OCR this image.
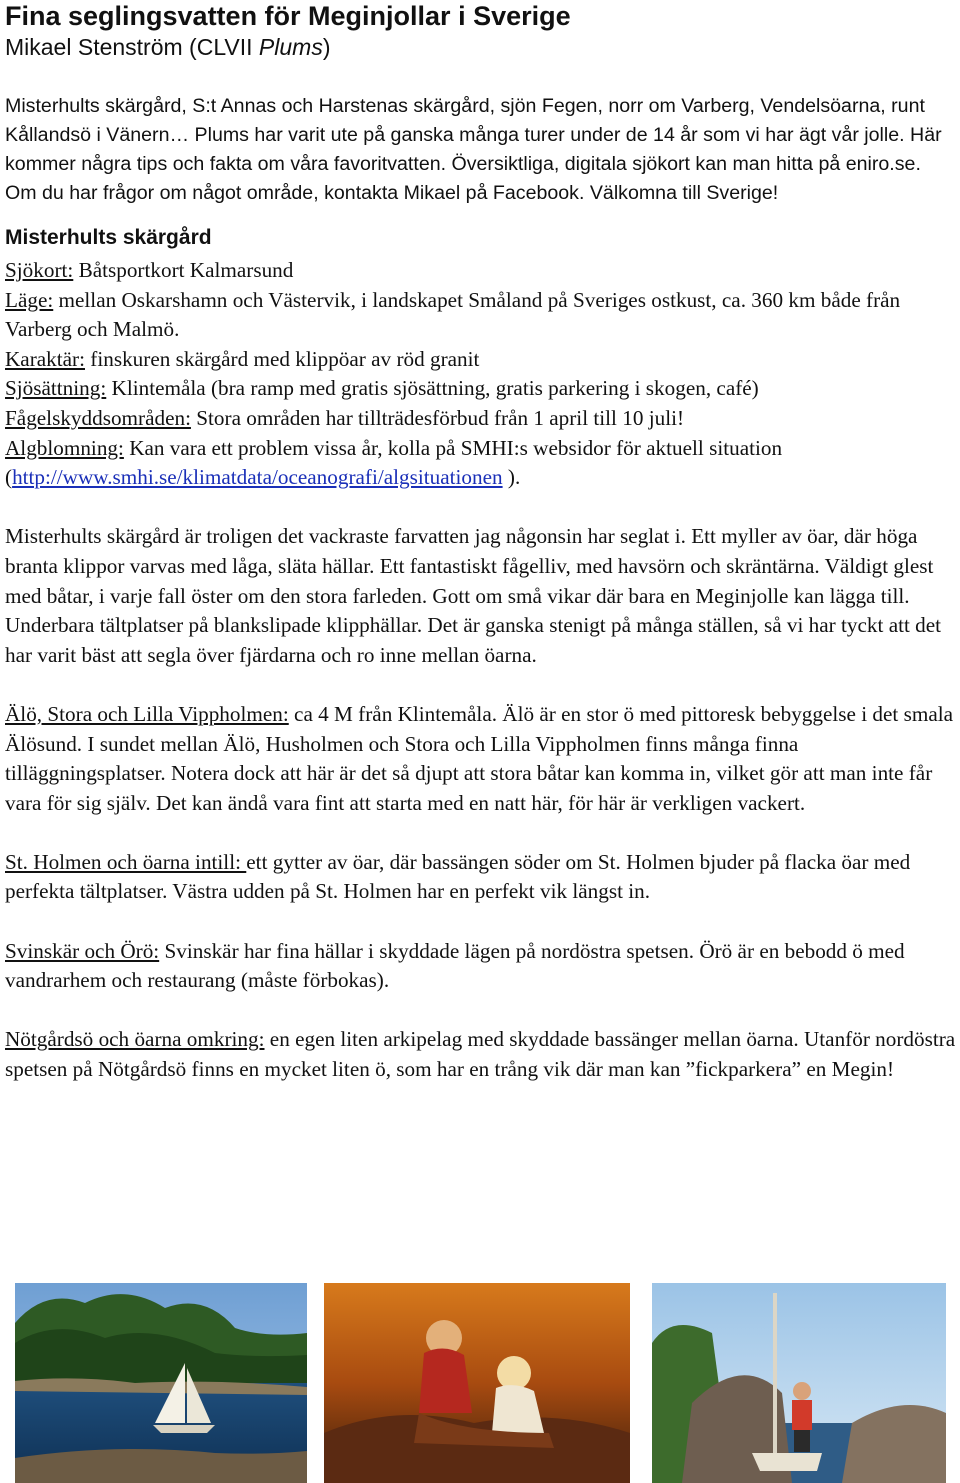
Fina seglingsvatten för Meginjollar i Sverige
Mikael Stenström (CLVII Plums)

Misterhults skärgård, S:t Annas och Harstenas skärgård, sjön Fegen, norr om Varberg, Vendelsöarna, runt Kållandsö i Vänern… Plums har varit ute på ganska många turer under de 14 år som vi har ägt vår jolle. Här kommer några tips och fakta om våra favoritvatten. Översiktliga, digitala sjökort kan man hitta på eniro.se. Om du har frågor om något område, kontakta Mikael på Facebook. Välkomna till Sverige!

Misterhults skärgård

Sjökort: Båtsportkort Kalmarsund

Läge: mellan Oskarshamn och Västervik, i landskapet Småland på Sveriges ostkust, ca. 360 km både från Varberg och Malmö.

Karaktär: finskuren skärgård med klippöar av röd granit

Sjösättning: Klintemåla (bra ramp med gratis sjösättning, gratis parkering i skogen, café)

Fågelskyddsområden: Stora områden har tillträdesförbud från 1 april till 10 juli!

Algblomning: Kan vara ett problem vissa år, kolla på SMHI:s websidor för aktuell situation (http://www.smhi.se/klimatdata/oceanografi/algsituationen ).

Misterhults skärgård är troligen det vackraste farvatten jag någonsin har seglat i. Ett myller av öar, där höga branta klippor varvas med låga, släta hällar. Ett fantastiskt fågelliv, med havsörn och skräntärna. Väldigt glest med båtar, i varje fall öster om den stora farleden. Gott om små vikar där bara en Meginjolle kan lägga till. Underbara tältplatser på blankslipade klipphällar. Det är ganska stenigt på många ställen, så vi har tyckt att det har varit bäst att segla över fjärdarna och ro inne mellan öarna.

Älö, Stora och Lilla Vippholmen: ca 4 M från Klintemåla. Älö är en stor ö med pittoresk bebyggelse i det smala Älösund. I sundet mellan Älö, Husholmen och Stora och Lilla Vippholmen finns många finna tilläggningsplatser. Notera dock att här är det så djupt att stora båtar kan komma in, vilket gör att man inte får vara för sig själv. Det kan ändå vara fint att starta med en natt här, för här är verkligen vackert.

St. Holmen och öarna intill: ett gytter av öar, där bassängen söder om St. Holmen bjuder på flacka öar med perfekta tältplatser. Västra udden på St. Holmen har en perfekt vik längst in.

Svinskär och Örö: Svinskär har fina hällar i skyddade lägen på nordöstra spetsen. Örö är en bebodd ö med vandrarhem och restaurang (måste förbokas).

Nötgårdsö och öarna omkring: en egen liten arkipelag med skyddade bassänger mellan öarna. Utanför nordöstra spetsen på Nötgårdsö finns en mycket liten ö, som har en trång vik där man kan ”fickparkera” en Megin!
